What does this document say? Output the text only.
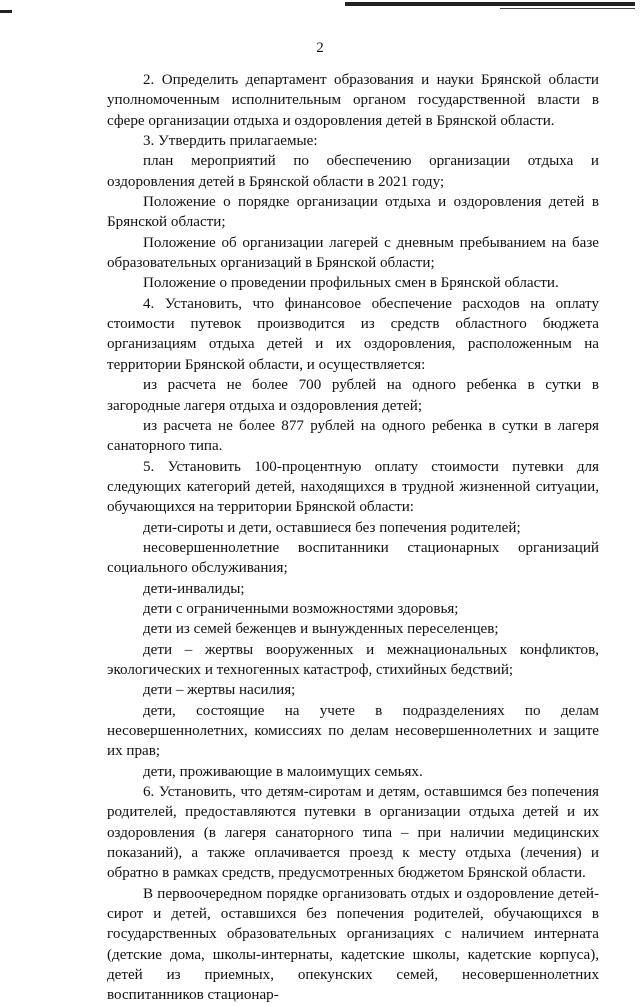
2

2. Определить департамент образования и науки Брянской области уполномоченным исполнительным органом государственной власти в сфере организации отдыха и оздоровления детей в Брянской области.

3. Утвердить прилагаемые:

план мероприятий по обеспечению организации отдыха и оздоровления детей в Брянской области в 2021 году;

Положение о порядке организации отдыха и оздоровления детей в Брянской области;

Положение об организации лагерей с дневным пребыванием на базе образовательных организаций в Брянской области;

Положение о проведении профильных смен в Брянской области.

4. Установить, что финансовое обеспечение расходов на оплату стоимости путевок производится из средств областного бюджета организациям отдыха детей и их оздоровления, расположенным на территории Брянской области, и осуществляется:

из расчета не более 700 рублей на одного ребенка в сутки в загородные лагеря отдыха и оздоровления детей;

из расчета не более 877 рублей на одного ребенка в сутки в лагеря санаторного типа.

5. Установить 100-процентную оплату стоимости путевки для следующих категорий детей, находящихся в трудной жизненной ситуации, обучающихся на территории Брянской области:

дети-сироты и дети, оставшиеся без попечения родителей;

несовершеннолетние воспитанники стационарных организаций социального обслуживания;

дети-инвалиды;

дети с ограниченными возможностями здоровья;

дети из семей беженцев и вынужденных переселенцев;

дети – жертвы вооруженных и межнациональных конфликтов, экологических и техногенных катастроф, стихийных бедствий;

дети – жертвы насилия;

дети, состоящие на учете в подразделениях по делам несовершеннолетних, комиссиях по делам несовершеннолетних и защите их прав;

дети, проживающие в малоимущих семьях.

6. Установить, что детям-сиротам и детям, оставшимся без попечения родителей, предоставляются путевки в организации отдыха детей и их оздоровления (в лагеря санаторного типа – при наличии медицинских показаний), а также оплачивается проезд к месту отдыха (лечения) и обратно в рамках средств, предусмотренных бюджетом Брянской области.

В первоочередном порядке организовать отдых и оздоровление детей-сирот и детей, оставшихся без попечения родителей, обучающихся в государственных образовательных организациях с наличием интерната (детские дома, школы-интернаты, кадетские школы, кадетские корпуса), детей из приемных, опекунских семей, несовершеннолетних воспитанников стационар-
